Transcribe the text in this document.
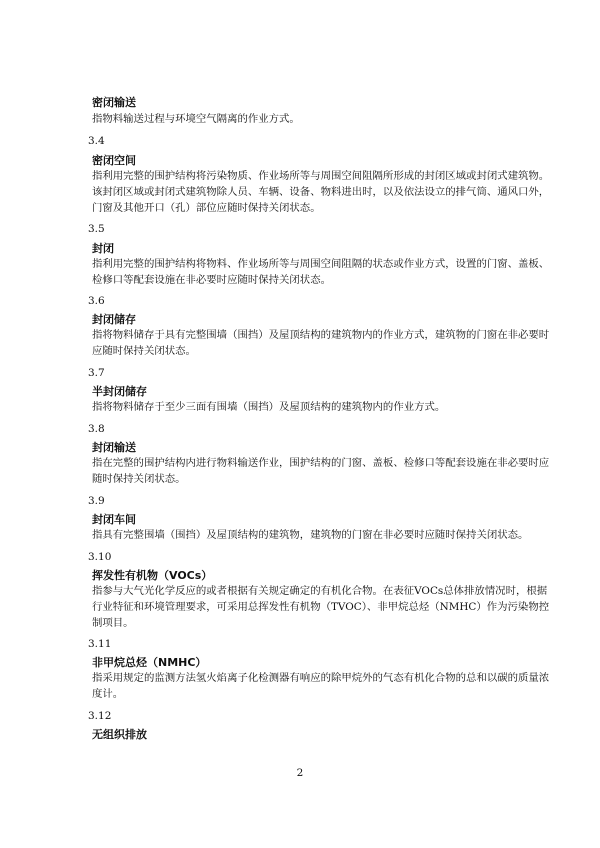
密闭输送
指物料输送过程与环境空气隔离的作业方式。
3.4
密闭空间
指利用完整的围护结构将污染物质、作业场所等与周围空间阻隔所形成的封闭区域或封闭式建筑物。该封闭区域或封闭式建筑物除人员、车辆、设备、物料进出时，以及依法设立的排气筒、通风口外，门窗及其他开口（孔）部位应随时保持关闭状态。
3.5
封闭
指利用完整的围护结构将物料、作业场所等与周围空间阻隔的状态或作业方式，设置的门窗、盖板、检修口等配套设施在非必要时应随时保持关闭状态。
3.6
封闭储存
指将物料储存于具有完整围墙（围挡）及屋顶结构的建筑物内的作业方式，建筑物的门窗在非必要时应随时保持关闭状态。
3.7
半封闭储存
指将物料储存于至少三面有围墙（围挡）及屋顶结构的建筑物内的作业方式。
3.8
封闭输送
指在完整的围护结构内进行物料输送作业，围护结构的门窗、盖板、检修口等配套设施在非必要时应随时保持关闭状态。
3.9
封闭车间
指具有完整围墙（围挡）及屋顶结构的建筑物，建筑物的门窗在非必要时应随时保持关闭状态。
3.10
挥发性有机物（VOCs）
指参与大气光化学反应的或者根据有关规定确定的有机化合物。在表征VOCs总体排放情况时，根据行业特征和环境管理要求，可采用总挥发性有机物（TVOC）、非甲烷总烃（NMHC）作为污染物控制项目。
3.11
非甲烷总烃（NMHC）
指采用规定的监测方法氢火焰离子化检测器有响应的除甲烷外的气态有机化合物的总和以碳的质量浓度计。
3.12
无组织排放
2
